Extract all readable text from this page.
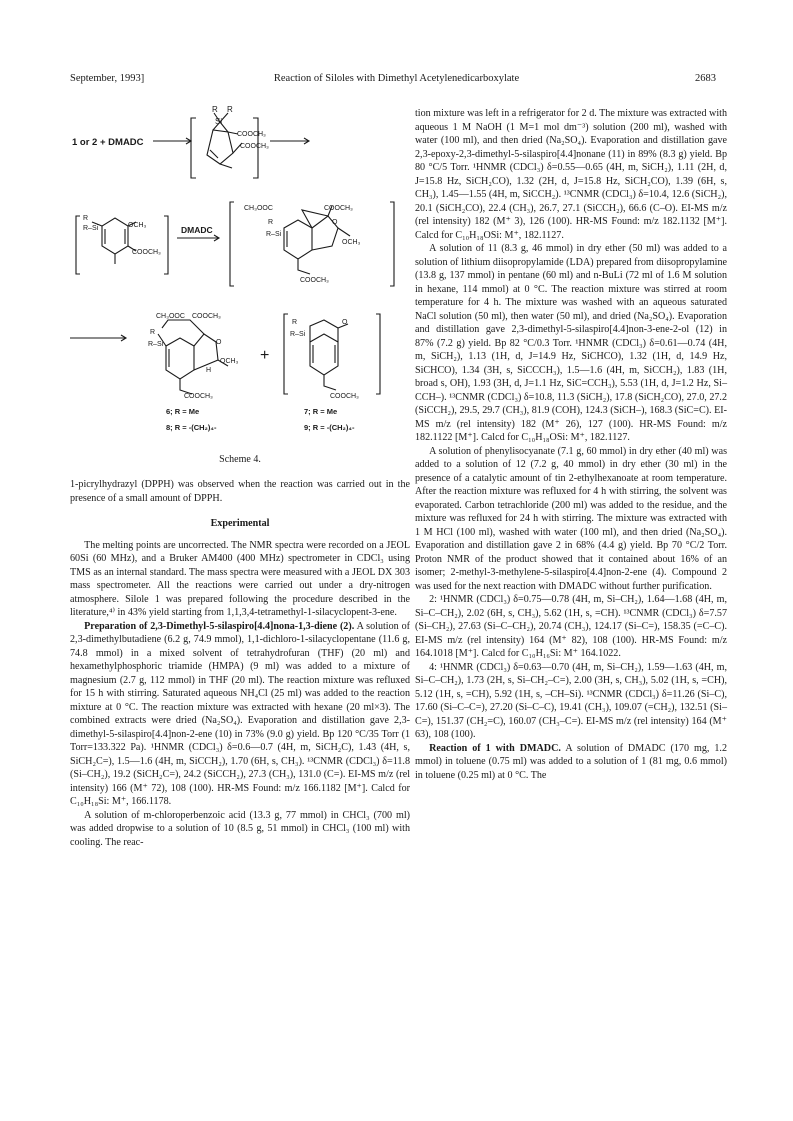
September, 1993]	Reaction of Siloles with Dimethyl Acetylenedicarboxylate	2683
1 or 2 + DMADC
R R
Si
COOCH₃
COOCH₃
R
R–Si	OCH₃
COOCH₃
DMADC
CH₃OOC	COOCH₃
R
R–Si
O
OCH₃
COOCH₃
CH₃OOC COOCH₃
R
R–Si	O
OCH₃
H
COOCH₃
+
R
R–Si
O
COOCH₃
6; R = Me	7; R = Me
8; R = -(CH₂)₄-	9; R = -(CH₂)₄-
Scheme 4.

1-picrylhydrazyl (DPPH) was observed when the reaction was carried out in the presence of a small amount of DPPH.

Experimental

The melting points are uncorrected. The NMR spectra were recorded on a JEOL 60Si (60 MHz), and a Bruker AM400 (400 MHz) spectrometer in CDCl₃ using TMS as an internal standard. The mass spectra were measured with a JEOL DX 303 mass spectrometer. All the reactions were carried out under a dry-nitrogen atmosphere. Silole 1 was prepared following the procedure described in the literature,⁴⁾ in 43% yield starting from 1,1,3,4-tetramethyl-1-silacyclopent-3-ene.

Preparation of 2,3-Dimethyl-5-silaspiro[4.4]nona-1,3-diene (2). A solution of 2,3-dimethylbutadiene (6.2 g, 74.9 mmol), 1,1-dichloro-1-silacyclopentane (11.6 g, 74.8 mmol) in a mixed solvent of tetrahydrofuran (THF) (20 ml) and hexamethylphosphoric triamide (HMPA) (9 ml) was added to a mixture of magnesium (2.7 g, 112 mmol) in THF (20 ml). The reaction mixture was refluxed for 15 h with stirring. Saturated aqueous NH₄Cl (25 ml) was added to the reaction mixture at 0 °C. The reaction mixture was extracted with hexane (20 ml×3). The combined extracts were dried (Na₂SO₄). Evaporation and distillation gave 2,3-dimethyl-5-silaspiro[4.4]non-2-ene (10) in 73% (9.0 g) yield. Bp 120 °C/35 Torr (1 Torr=133.322 Pa). ¹HNMR (CDCl₃) δ=0.6—0.7 (4H, m, SiCH₂C), 1.43 (4H, s, SiCH₂C=), 1.5—1.6 (4H, m, SiCCH₂), 1.70 (6H, s, CH₃). ¹³CNMR (CDCl₃) δ=11.8 (Si–CH₂), 19.2 (SiCH₂C=), 24.2 (SiCCH₂), 27.3 (CH₃), 131.0 (C=). EI-MS m/z (rel intensity) 166 (M⁺ 72), 108 (100). HR-MS Found: m/z 166.1182 [M⁺]. Calcd for C₁₀H₁₈Si: M⁺, 166.1178.

A solution of m-chloroperbenzoic acid (13.3 g, 77 mmol) in CHCl₃ (700 ml) was added dropwise to a solution of 10 (8.5 g, 51 mmol) in CHCl₃ (100 ml) with cooling. The reac-

tion mixture was left in a refrigerator for 2 d. The mixture was extracted with aqueous 1 M NaOH (1 M=1 mol dm⁻³) solution (200 ml), washed with water (100 ml), and then dried (Na₂SO₄). Evaporation and distillation gave 2,3-epoxy-2,3-dimethyl-5-silaspiro[4.4]nonane (11) in 89% (8.3 g) yield. Bp 80 °C/5 Torr. ¹HNMR (CDCl₃) δ=0.55—0.65 (4H, m, SiCH₂), 1.11 (2H, d, J=15.8 Hz, SiCH₂CO), 1.32 (2H, d, J=15.8 Hz, SiCH₂CO), 1.39 (6H, s, CH₃), 1.45—1.55 (4H, m, SiCCH₂). ¹³CNMR (CDCl₃) δ=10.4, 12.6 (SiCH₂), 20.1 (SiCH₂CO), 22.4 (CH₃), 26.7, 27.1 (SiCCH₂), 66.6 (C–O). EI-MS m/z (rel intensity) 182 (M⁺ 3), 126 (100). HR-MS Found: m/z 182.1132 [M⁺]. Calcd for C₁₀H₁₈OSi: M⁺, 182.1127.

A solution of 11 (8.3 g, 46 mmol) in dry ether (50 ml) was added to a solution of lithium diisopropylamide (LDA) prepared from diisopropylamine (13.8 g, 137 mmol) in pentane (60 ml) and n-BuLi (72 ml of 1.6 M solution in hexane, 114 mmol) at 0 °C. The reaction mixture was stirred at room temperature for 4 h. The mixture was washed with an aqueous saturated NaCl solution (50 ml), then water (50 ml), and dried (Na₂SO₄). Evaporation and distillation gave 2,3-dimethyl-5-silaspiro[4.4]non-3-ene-2-ol (12) in 87% (7.2 g) yield. Bp 82 °C/0.3 Torr. ¹HNMR (CDCl₃) δ=0.61—0.74 (4H, m, SiCH₂), 1.13 (1H, d, J=14.9 Hz, SiCHCO), 1.32 (1H, d, 14.9 Hz, SiCHCO), 1.34 (3H, s, SiCCCH₃), 1.5—1.6 (4H, m, SiCCH₂), 1.83 (1H, broad s, OH), 1.93 (3H, d, J=1.1 Hz, SiC=CCH₃), 5.53 (1H, d, J=1.2 Hz, Si–CCH–). ¹³CNMR (CDCl₃) δ=10.8, 11.3 (SiCH₂), 17.8 (SiCH₂CO), 27.0, 27.2 (SiCCH₂), 29.5, 29.7 (CH₃), 81.9 (COH), 124.3 (SiCH–), 168.3 (SiC=C). EI-MS m/z (rel intensity) 182 (M⁺ 26), 127 (100). HR-MS Found: m/z 182.1122 [M⁺]. Calcd for C₁₀H₁₈OSi: M⁺, 182.1127.

A solution of phenylisocyanate (7.1 g, 60 mmol) in dry ether (40 ml) was added to a solution of 12 (7.2 g, 40 mmol) in dry ether (30 ml) in the presence of a catalytic amount of tin 2-ethylhexanoate at room temperature. After the reaction mixture was refluxed for 4 h with stirring, the solvent was evaporated. Carbon tetrachloride (200 ml) was added to the residue, and the mixture was refluxed for 24 h with stirring. The mixture was extracted with 1 M HCl (100 ml), washed with water (100 ml), and then dried (Na₂SO₄). Evaporation and distillation gave 2 in 68% (4.4 g) yield. Bp 70 °C/2 Torr. Proton NMR of the product showed that it contained about 16% of an isomer; 2-methyl-3-methylene-5-silaspiro[4.4]non-2-ene (4). Compound 2 was used for the next reaction with DMADC without further purification.

2: ¹HNMR (CDCl₃) δ=0.75—0.78 (4H, m, Si–CH₂), 1.64—1.68 (4H, m, Si–C–CH₂), 2.02 (6H, s, CH₃), 5.62 (1H, s, =CH). ¹³CNMR (CDCl₃) δ=7.57 (Si–CH₂), 27.63 (Si–C–CH₂), 20.74 (CH₃), 124.17 (Si–C=), 158.35 (=C–C). EI-MS m/z (rel intensity) 164 (M⁺ 82), 108 (100). HR-MS Found: m/z 164.1018 [M⁺]. Calcd for C₁₀H₁₆Si: M⁺ 164.1022.

4: ¹HNMR (CDCl₃) δ=0.63—0.70 (4H, m, Si–CH₂), 1.59—1.63 (4H, m, Si–C–CH₂), 1.73 (2H, s, Si–CH₂–C=), 2.00 (3H, s, CH₃), 5.02 (1H, s, =CH), 5.12 (1H, s, =CH), 5.92 (1H, s, –CH–Si). ¹³CNMR (CDCl₃) δ=11.26 (Si–C), 17.60 (Si–C–C=), 27.20 (Si–C–C), 19.41 (CH₃), 109.07 (=CH₂), 132.51 (Si–C=), 151.37 (CH₂=C), 160.07 (CH₃–C=). EI-MS m/z (rel intensity) 164 (M⁺ 63), 108 (100).

Reaction of 1 with DMADC. A solution of DMADC (170 mg, 1.2 mmol) in toluene (0.75 ml) was added to a solution of 1 (81 mg, 0.6 mmol) in toluene (0.25 ml) at 0 °C. The
